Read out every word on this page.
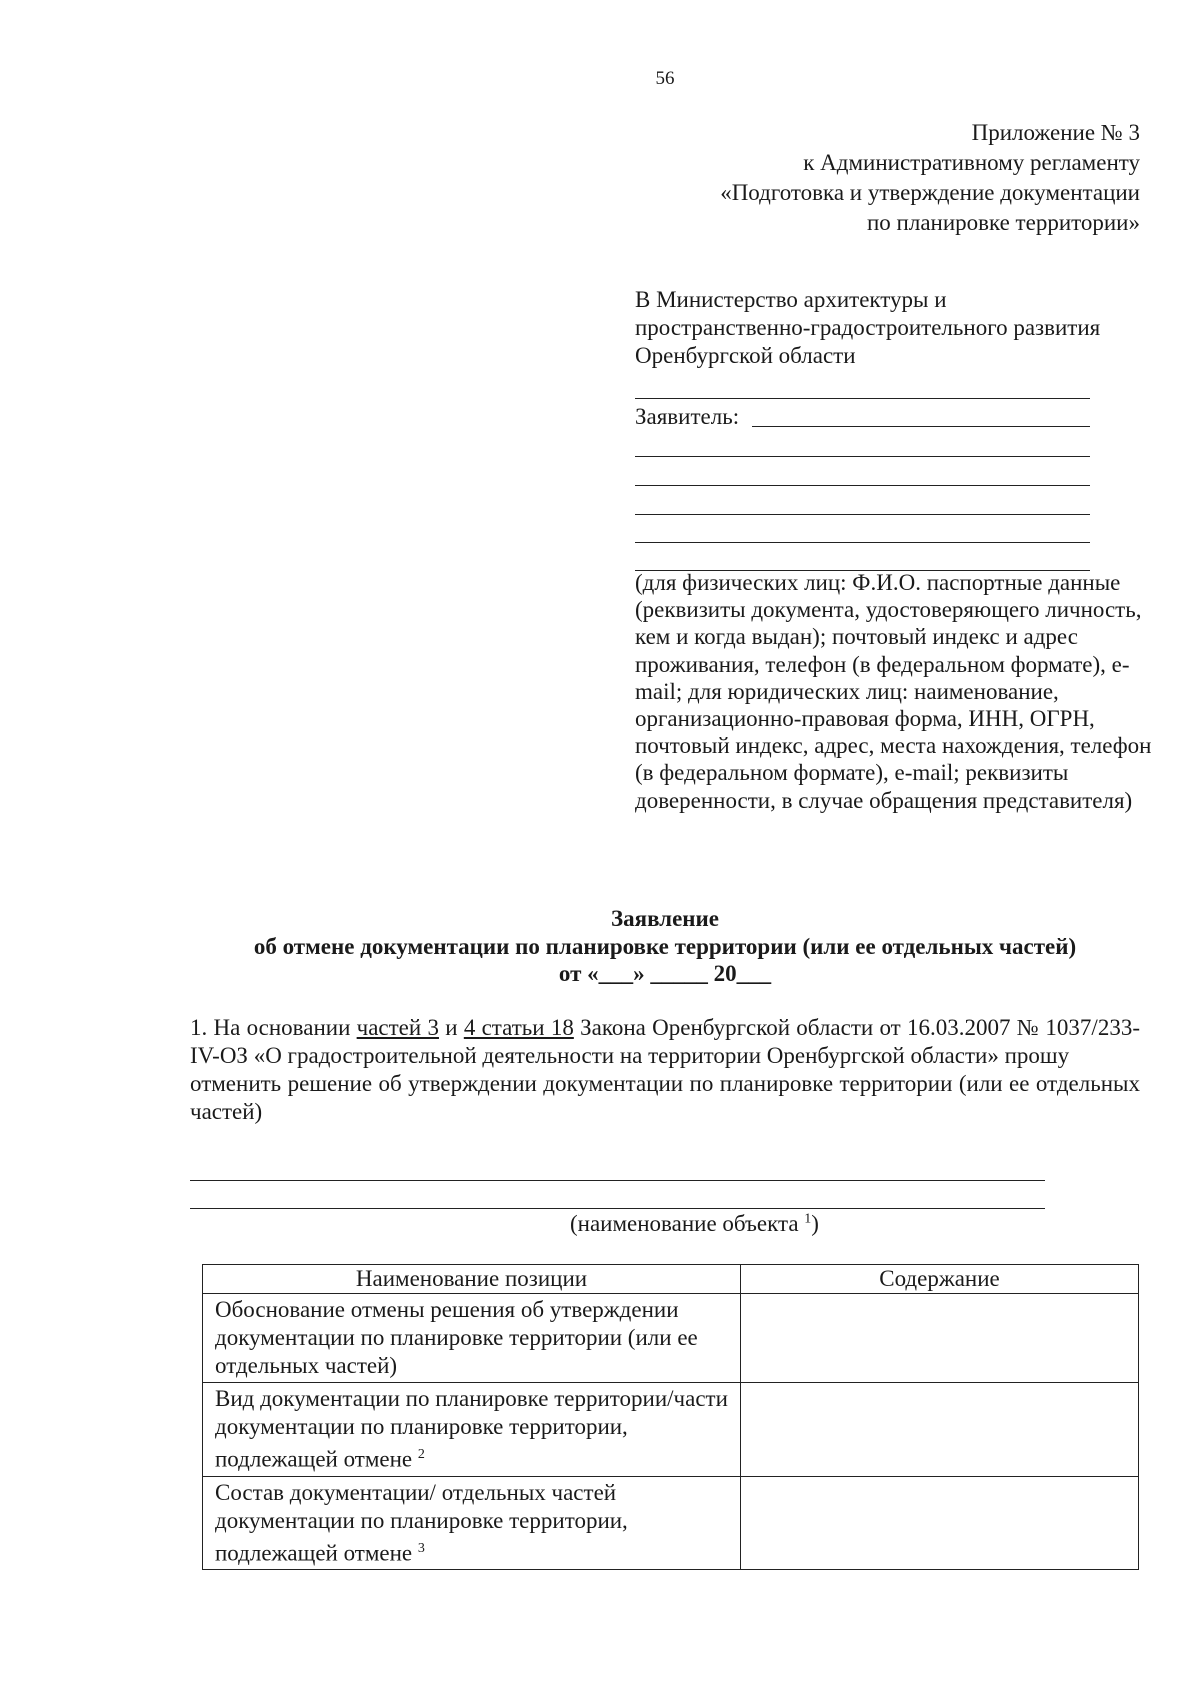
56
Приложение № 3
к Административному регламенту
«Подготовка и утверждение документации
по планировке территории»
В Министерство архитектуры и
пространственно-градостроительного развития
Оренбургской области
Заявитель:
(для физических лиц: Ф.И.О. паспортные данные (реквизиты документа, удостоверяющего личность, кем и когда выдан); почтовый индекс и адрес проживания, телефон (в федеральном формате), e-mail; для юридических лиц: наименование, организационно-правовая форма, ИНН, ОГРН, почтовый индекс, адрес, места нахождения, телефон (в федеральном формате), e-mail; реквизиты доверенности, в случае обращения представителя)
Заявление
об отмене документации по планировке территории (или ее отдельных частей)
от «___» _____ 20___
1. На основании частей 3 и 4 статьи 18 Закона Оренбургской области от 16.03.2007 № 1037/233-IV-ОЗ «О градостроительной деятельности на территории Оренбургской области» прошу
отменить решение об утверждении документации по планировке территории (или ее отдельных частей)
(наименование объекта $^1$)
Наименование позиции	Содержание
Обоснование отмены решения об утверждении документации по планировке территории (или ее отдельных частей)	
Вид документации по планировке территории/части документации по планировке территории, подлежащей отмене $^2$	
Состав документации/ отдельных частей документации по планировке территории, подлежащей отмене $^3$	
